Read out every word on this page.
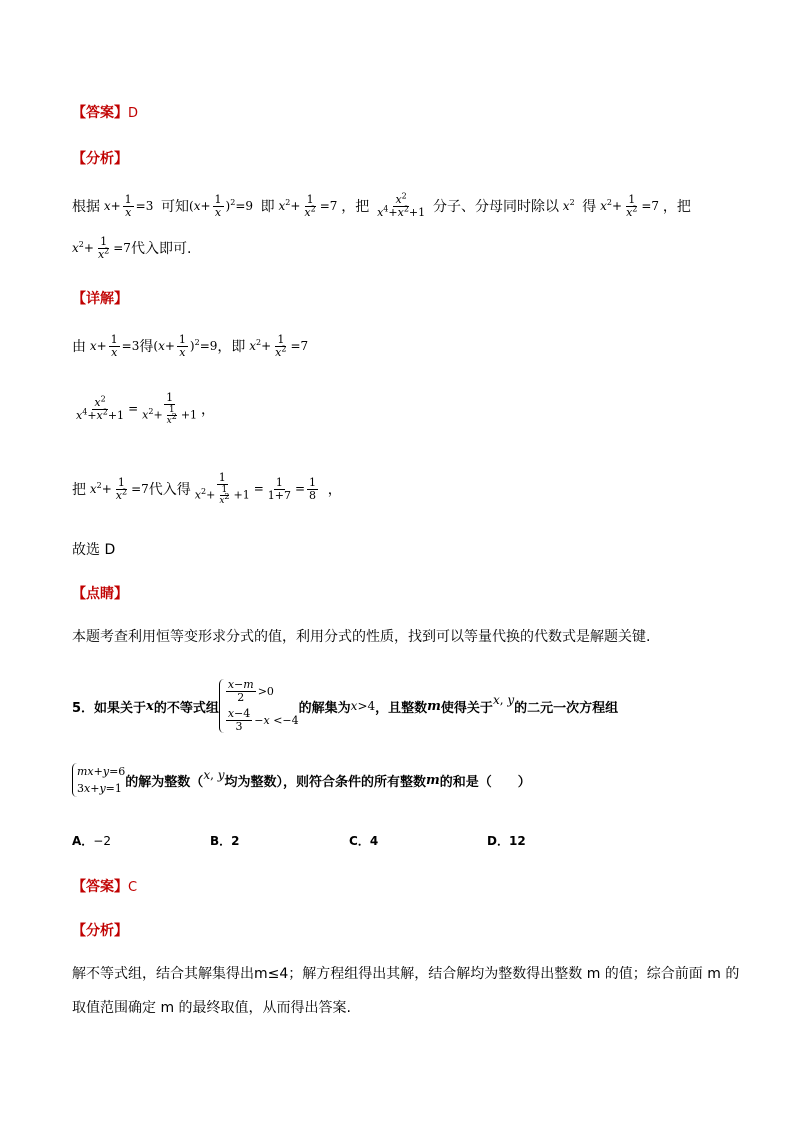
【答案】D
【分析】
根据 $x+ \frac{1}{x} =3$ 可知 $(x+ \frac{1}{x} )^2=9$ 即 $x^2+ \frac{1}{x^2} =7$ ，把
$\frac{x^2}{x^4+x^2+1}$
分子、分母同时除以 $x^2$ 得 $x^2+ \frac{1}{x^2} =7$ ，把
$x^2+ \frac{1}{x^2} =7$ 代入即可.
【详解】
由 $x+ \frac{1}{x} =3$ 得 $(x+ \frac{1}{x} )^2=9$ ，即 $x^2+ \frac{1}{x^2} =7$
$\frac{x^2}{x^4+x^2+1} = \frac{1}{x^2+ \frac{1}{x^2} +1}$ ，
把 $x^2+ \frac{1}{x^2} =7$ 代入得 $\frac{1}{x^2+ \frac{1}{x^2} +1} = \frac{1}{1+7} = \frac{1}{8}$
，
故选 D
【点睛】
本题考查利用恒等变形求分式的值，利用分式的性质，找到可以等量代换的代数式是解题关键.
5．如果关于 x 的不等式组
$\frac{x-m}{2} >0$
$\frac{x-4}{3} - x <-4$
的解集为 x>4 ，且整数 m 使得关于
x, y
的二元一次方程组
mx+y=6
3x+y=1 的解为整数（ x, y 均为整数），则符合条件的所有整数 m 的和是（　　）
A．−2	B．2	C．4	D．12
【答案】C
【分析】
解不等式组，结合其解集得出m≤4；解方程组得出其解，结合解均为整数得出整数 m 的值；综合前面 m 的
取值范围确定 m 的最终取值，从而得出答案.
